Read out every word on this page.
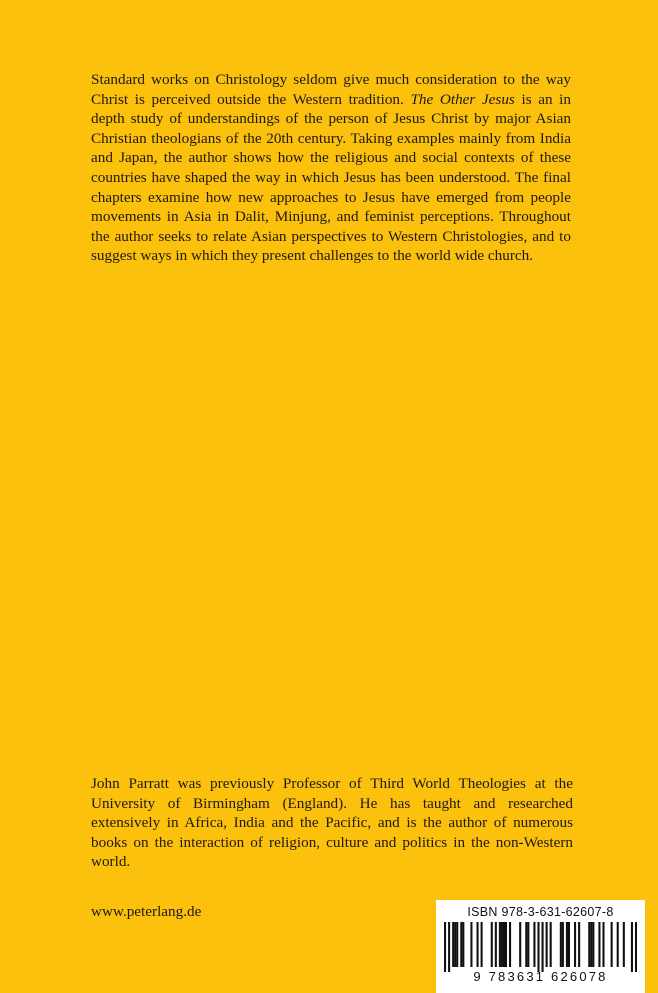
Standard works on Christology seldom give much consideration to the way Christ is perceived outside the Western tradition. The Other Jesus is an in depth study of understandings of the person of Jesus Christ by major Asian Christian theologians of the 20th century. Taking examples mainly from India and Japan, the author shows how the religious and social contexts of these countries have shaped the way in which Jesus has been understood. The final chapters examine how new approaches to Jesus have emerged from people movements in Asia in Dalit, Minjung, and feminist perceptions. Throughout the author seeks to relate Asian perspectives to Western Christologies, and to suggest ways in which they present challenges to the world wide church.

John Parratt was previously Professor of Third World Theologies at the University of Birmingham (England). He has taught and researched extensively in Africa, India and the Pacific, and is the author of numerous books on the interaction of religion, culture and politics in the non-Western world.

www.peterlang.de	ISBN 978-3-631-62607-8
9 783631 626078
